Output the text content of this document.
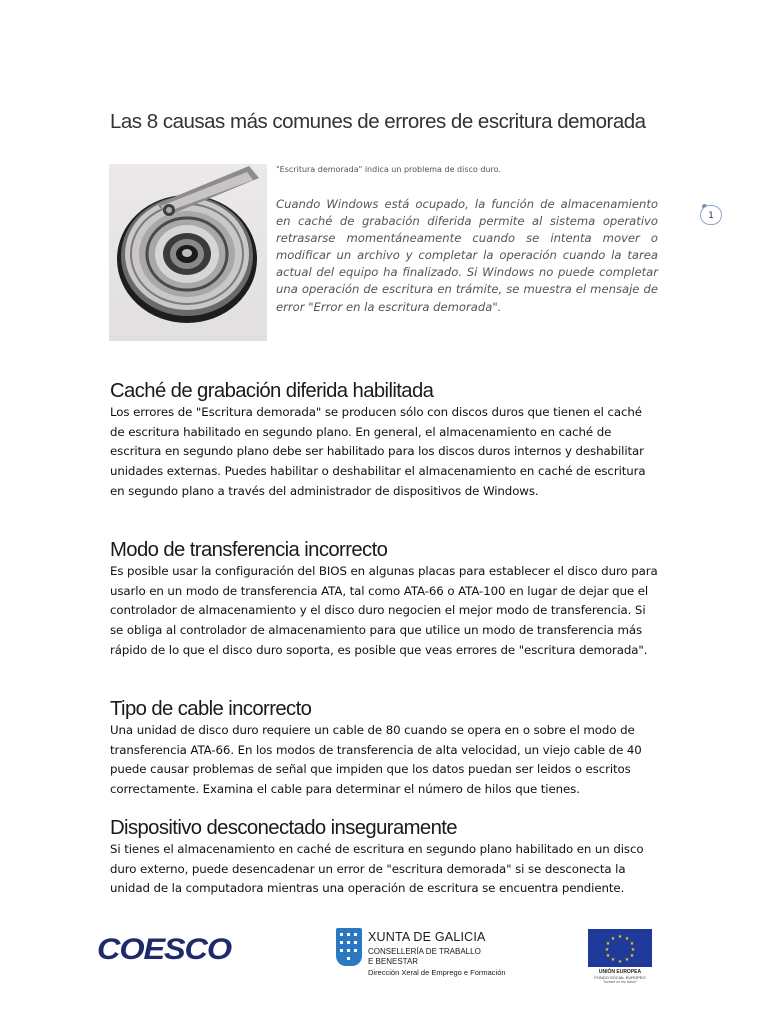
Las 8 causas más comunes de errores de escritura demorada
"Escritura demorada" indica un problema de disco duro.
Cuando Windows está ocupado, la función de almacenamiento en caché de grabación diferida permite al sistema operativo retrasarse momentáneamente cuando se intenta mover o modificar un archivo y completar la operación cuando la tarea actual del equipo ha finalizado. Si Windows no puede completar una operación de escritura en trámite, se muestra el mensaje de error "Error en la escritura demorada".
1
Caché de grabación diferida habilitada

Los errores de "Escritura demorada" se producen sólo con discos duros que tienen el caché de escritura habilitado en segundo plano. En general, el almacenamiento en caché de escritura en segundo plano debe ser habilitado para los discos duros internos y deshabilitar unidades externas. Puedes habilitar o deshabilitar el almacenamiento en caché de escritura en segundo plano a través del administrador de dispositivos de Windows.

Modo de transferencia incorrecto

Es posible usar la configuración del BIOS en algunas placas para establecer el disco duro para usarlo en un modo de transferencia ATA, tal como ATA-66 o ATA-100 en lugar de dejar que el controlador de almacenamiento y el disco duro negocien el mejor modo de transferencia. Si se obliga al controlador de almacenamiento para que utilice un modo de transferencia más rápido de lo que el disco duro soporta, es posible que veas errores de "escritura demorada".

Tipo de cable incorrecto

Una unidad de disco duro requiere un cable de 80 cuando se opera en o sobre el modo de transferencia ATA-66. En los modos de transferencia de alta velocidad, un viejo cable de 40 puede causar problemas de señal que impiden que los datos puedan ser leidos o escritos correctamente. Examina el cable para determinar el número de hilos que tienes.

Dispositivo desconectado inseguramente

Si tienes el almacenamiento en caché de escritura en segundo plano habilitado en un disco duro externo, puede desencadenar un error de "escritura demorada" si se desconecta la unidad de la computadora mientras una operación de escritura se encuentra pendiente.

COESCO	XUNTA DE GALICIA
CONSELLERÍA DE TRABALLO
E BENESTAR
Dirección Xeral de Emprego e Formación
★ ★
★
★
★
★
★
★
★
★
★
★
UNIÓN EUROPEA
FONDO SOCIAL EUROPEO
"Investe no teu futuro"
